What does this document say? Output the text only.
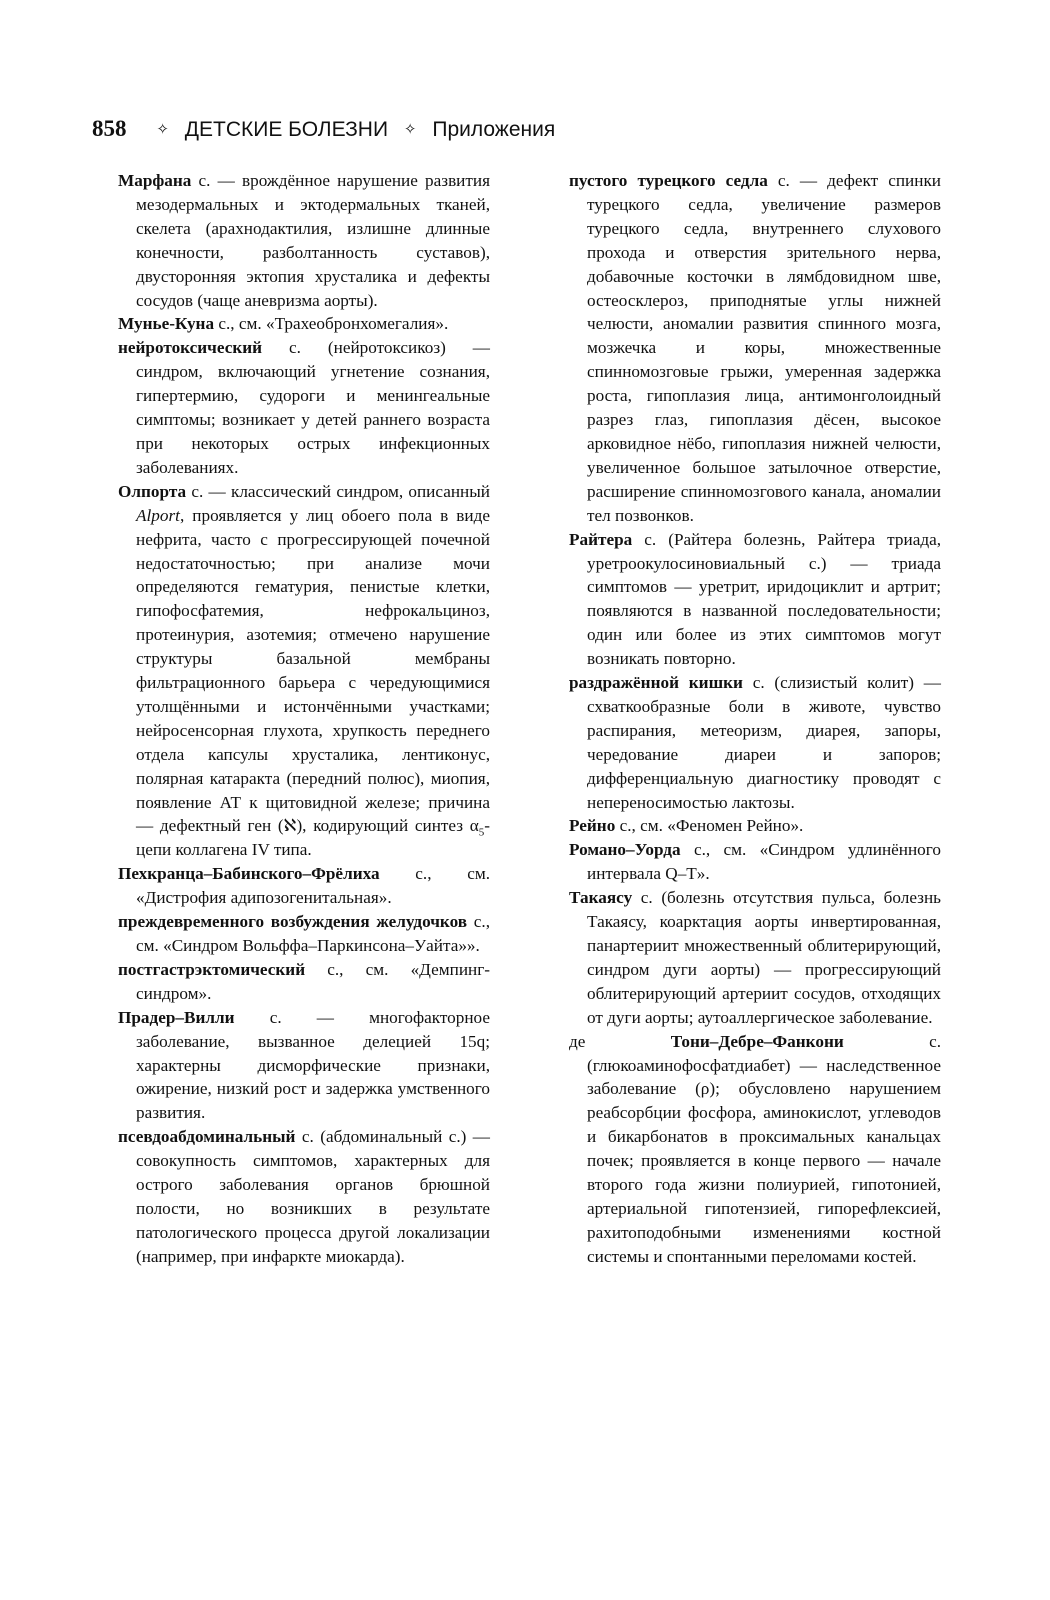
858 ✧ ДЕТСКИЕ БОЛЕЗНИ ✧ Приложения

Марфана с. — врождённое нарушение развития мезодермальных и эктодермальных тканей, скелета (арахнодактилия, излишне длинные конечности, разболтанность суставов), двусторонняя эктопия хрусталика и дефекты сосудов (чаще аневризма аорты).

Мунье-Куна с., см. «Трахеобронхомегалия».

нейротоксический с. (нейротоксикоз) — синдром, включающий угнетение сознания, гипертермию, судороги и менингеальные симптомы; возникает у детей раннего возраста при некоторых острых инфекционных заболеваниях.

Олпорта с. — классический синдром, описанный Alport, проявляется у лиц обоего пола в виде нефрита, часто с прогрессирующей почечной недостаточностью; при анализе мочи определяются гематурия, пенистые клетки, гипофосфатемия, нефрокальциноз, протеинурия, азотемия; отмечено нарушение структуры базальной мембраны фильтрационного барьера с чередующимися утолщёнными и истончёнными участками; нейросенсорная глухота, хрупкость переднего отдела капсулы хрусталика, лентиконус, полярная катаракта (передний полюс), миопия, появление АТ к щитовидной железе; причина — дефектный ген (ℵ), кодирующий синтез $\alpha_5$-цепи коллагена IV типа.

Пехкранца–Бабинского–Фрёлиха с., см. «Дистрофия адипозогенитальная».

преждевременного возбуждения желудочков с., см. «Синдром Вольффа–Паркинсона–Уайта»».

постгастрэктомический с., см. «Демпинг-синдром».

Прадер–Вилли с. — многофакторное заболевание, вызванное делецией 15q; характерны дисморфические признаки, ожирение, низкий рост и задержка умственного развития.

псевдоабдоминальный с. (абдоминальный с.) — совокупность симптомов, характерных для острого заболевания органов брюшной полости, но возникших в результате патологического процесса другой локализации (например, при инфаркте миокарда).

пустого турецкого седла с. — дефект спинки турецкого седла, увеличение размеров турецкого седла, внутреннего слухового прохода и отверстия зрительного нерва, добавочные косточки в лямбдовидном шве, остеосклероз, приподнятые углы нижней челюсти, аномалии развития спинного мозга, мозжечка и коры, множественные спинномозговые грыжи, умеренная задержка роста, гипоплазия лица, антимонголоидный разрез глаз, гипоплазия дёсен, высокое арковидное нёбо, гипоплазия нижней челюсти, увеличенное большое затылочное отверстие, расширение спинномозгового канала, аномалии тел позвонков.

Райтера с. (Райтера болезнь, Райтера триада, уретроокулосиновиальный с.) — триада симптомов — уретрит, иридоциклит и артрит; появляются в названной последовательности; один или более из этих симптомов могут возникать повторно.

раздражённой кишки с. (слизистый колит) — схваткообразные боли в животе, чувство распирания, метеоризм, диарея, запоры, чередование диареи и запоров; дифференциальную диагностику проводят с непереносимостью лактозы.

Рейно с., см. «Феномен Рейно».

Романо–Уорда с., см. «Синдром удлинённого интервала Q–T».

Такаясу с. (болезнь отсутствия пульса, болезнь Такаясу, коарктация аорты инвертированная, панартериит множественный облитерирующий, синдром дуги аорты) — прогрессирующий облитерирующий артериит сосудов, отходящих от дуги аорты; аутоаллергическое заболевание.

де Тони–Дебре–Фанкони с. (глюкоаминофосфатдиабет) — наследственное заболевание (ρ); обусловлено нарушением реабсорбции фосфора, аминокислот, углеводов и бикарбонатов в проксимальных канальцах почек; проявляется в конце первого — начале второго года жизни полиурией, гипотонией, артериальной гипотензией, гипорефлексией, рахитоподобными изменениями костной системы и спонтанными переломами костей.
